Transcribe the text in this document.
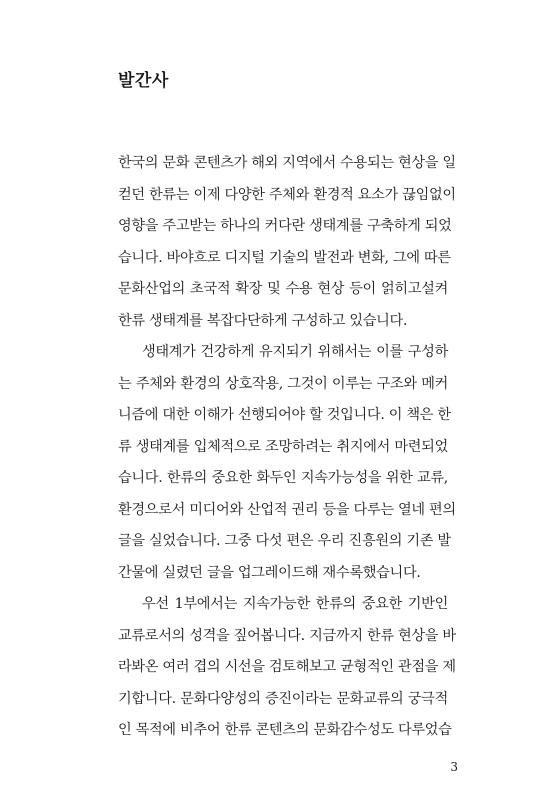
발간사
한국의 문화 콘텐츠가 해외 지역에서 수용되는 현상을 일
컫던 한류는 이제 다양한 주체와 환경적 요소가 끊임없이
영향을 주고받는 하나의 커다란 생태계를 구축하게 되었
습니다. 바야흐로 디지털 기술의 발전과 변화, 그에 따른
문화산업의 초국적 확장 및 수용 현상 등이 얽히고설켜
한류 생태계를 복잡다단하게 구성하고 있습니다.
생태계가 건강하게 유지되기 위해서는 이를 구성하
는 주체와 환경의 상호작용, 그것이 이루는 구조와 메커
니즘에 대한 이해가 선행되어야 할 것입니다. 이 책은 한
류 생태계를 입체적으로 조망하려는 취지에서 마련되었
습니다. 한류의 중요한 화두인 지속가능성을 위한 교류,
환경으로서 미디어와 산업적 권리 등을 다루는 열네 편의
글을 실었습니다. 그중 다섯 편은 우리 진흥원의 기존 발
간물에 실렸던 글을 업그레이드해 재수록했습니다.
우선 1부에서는 지속가능한 한류의 중요한 기반인
교류로서의 성격을 짚어봅니다. 지금까지 한류 현상을 바
라봐온 여러 겹의 시선을 검토해보고 균형적인 관점을 제
기합니다. 문화다양성의 증진이라는 문화교류의 궁극적
인 목적에 비추어 한류 콘텐츠의 문화감수성도 다루었습
3
